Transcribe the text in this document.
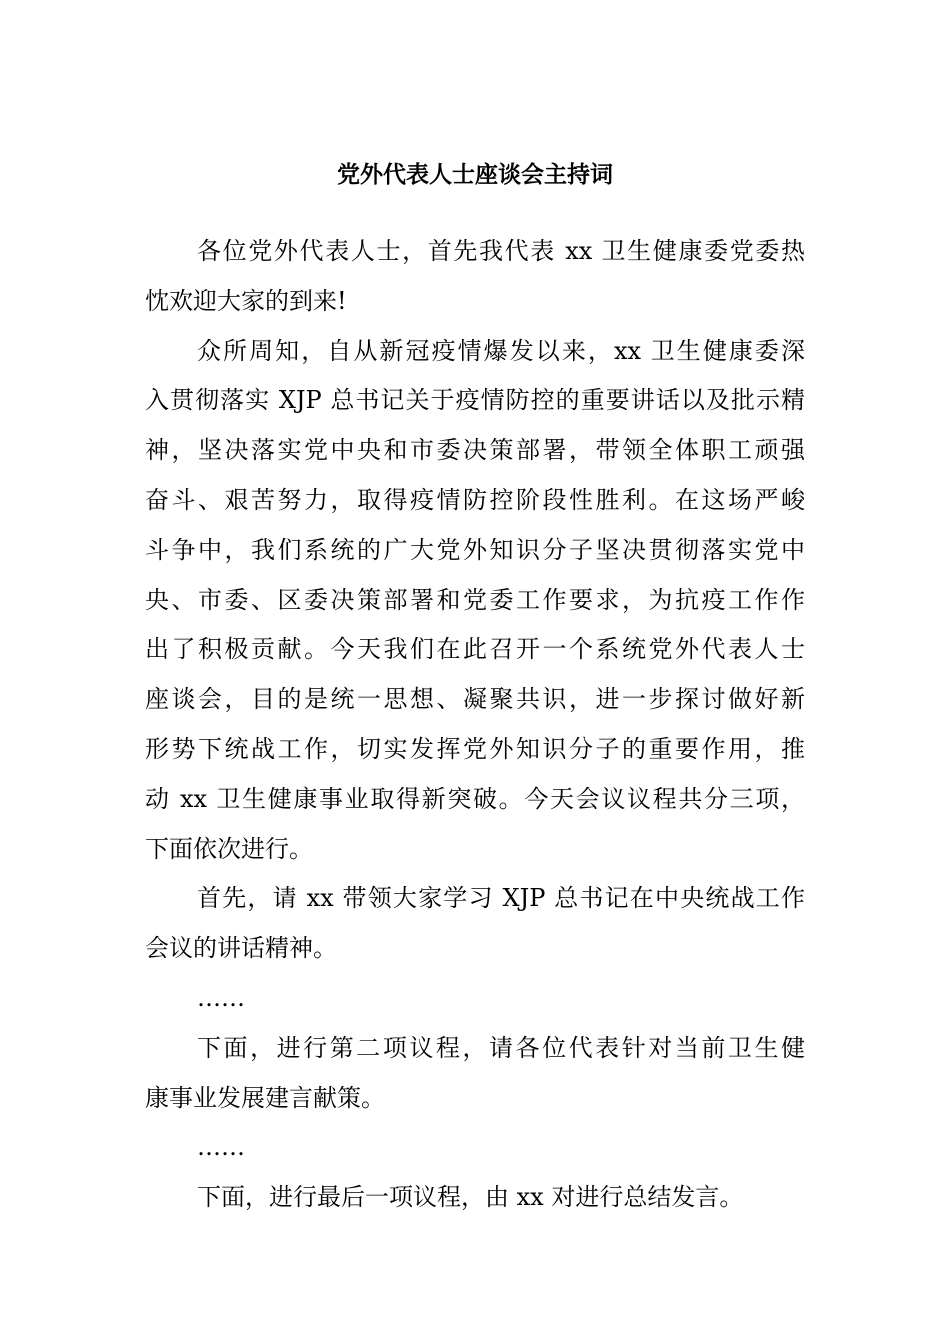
党外代表人士座谈会主持词
各位党外代表人士，首先我代表 xx 卫生健康委党委热
忱欢迎大家的到来!
众所周知，自从新冠疫情爆发以来，xx 卫生健康委深
入贯彻落实 XJP 总书记关于疫情防控的重要讲话以及批示精
神，坚决落实党中央和市委决策部署，带领全体职工顽强
奋斗、艰苦努力，取得疫情防控阶段性胜利。在这场严峻
斗争中，我们系统的广大党外知识分子坚决贯彻落实党中
央、市委、区委决策部署和党委工作要求，为抗疫工作作
出了积极贡献。今天我们在此召开一个系统党外代表人士
座谈会，目的是统一思想、凝聚共识，进一步探讨做好新
形势下统战工作，切实发挥党外知识分子的重要作用，推
动 xx 卫生健康事业取得新突破。今天会议议程共分三项，
下面依次进行。
首先，请 xx 带领大家学习 XJP 总书记在中央统战工作
会议的讲话精神。
……
下面，进行第二项议程，请各位代表针对当前卫生健
康事业发展建言献策。
……
下面，进行最后一项议程，由 xx 对进行总结发言。
